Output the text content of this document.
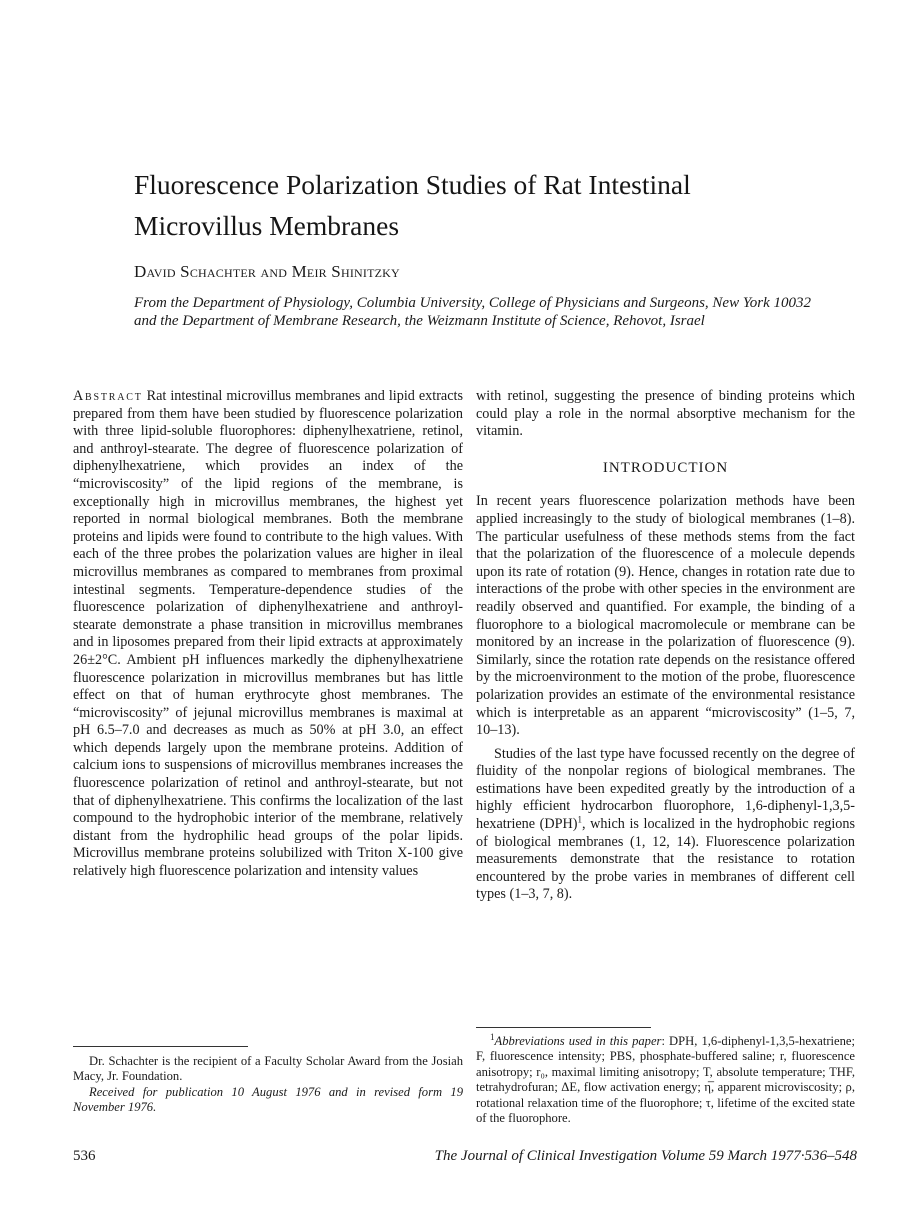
Fluorescence Polarization Studies of Rat Intestinal
Microvillus Membranes

David Schachter and Meir Shinitzky

From the Department of Physiology, Columbia University, College of Physicians and Surgeons, New York 10032 and the Department of Membrane Research, the Weizmann Institute of Science, Rehovot, Israel

Abstract Rat intestinal microvillus membranes and lipid extracts prepared from them have been studied by fluorescence polarization with three lipid-soluble fluorophores: diphenylhexatriene, retinol, and anthroyl-stearate. The degree of fluorescence polarization of diphenylhexatriene, which provides an index of the “microviscosity” of the lipid regions of the membrane, is exceptionally high in microvillus membranes, the highest yet reported in normal biological membranes. Both the membrane proteins and lipids were found to contribute to the high values. With each of the three probes the polarization values are higher in ileal microvillus membranes as compared to membranes from proximal intestinal segments. Temperature-dependence studies of the fluorescence polarization of diphenylhexatriene and anthroyl-stearate demonstrate a phase transition in microvillus membranes and in liposomes prepared from their lipid extracts at approximately 26±2°C. Ambient pH influences markedly the diphenylhexatriene fluorescence polarization in microvillus membranes but has little effect on that of human erythrocyte ghost membranes. The “microviscosity” of jejunal microvillus membranes is maximal at pH 6.5–7.0 and decreases as much as 50% at pH 3.0, an effect which depends largely upon the membrane proteins. Addition of calcium ions to suspensions of microvillus membranes increases the fluorescence polarization of retinol and anthroyl-stearate, but not that of diphenylhexatriene. This confirms the localization of the last compound to the hydrophobic interior of the membrane, relatively distant from the hydrophilic head groups of the polar lipids. Microvillus membrane proteins solubilized with Triton X-100 give relatively high fluorescence polarization and intensity values

with retinol, suggesting the presence of binding proteins which could play a role in the normal absorptive mechanism for the vitamin.

INTRODUCTION

In recent years fluorescence polarization methods have been applied increasingly to the study of biological membranes (1–8). The particular usefulness of these methods stems from the fact that the polarization of the fluorescence of a molecule depends upon its rate of rotation (9). Hence, changes in rotation rate due to interactions of the probe with other species in the environment are readily observed and quantified. For example, the binding of a fluorophore to a biological macromolecule or membrane can be monitored by an increase in the polarization of fluorescence (9). Similarly, since the rotation rate depends on the resistance offered by the microenvironment to the motion of the probe, fluorescence polarization provides an estimate of the environmental resistance which is interpretable as an apparent “microviscosity” (1–5, 7, 10–13).

Studies of the last type have focussed recently on the degree of fluidity of the nonpolar regions of biological membranes. The estimations have been expedited greatly by the introduction of a highly efficient hydrocarbon fluorophore, 1,6-diphenyl-1,3,5-hexatriene (DPH)$^1$, which is localized in the hydrophobic regions of biological membranes (1, 12, 14). Fluorescence polarization measurements demonstrate that the resistance to rotation encountered by the probe varies in membranes of different cell types (1–3, 7, 8).

Dr. Schachter is the recipient of a Faculty Scholar Award from the Josiah Macy, Jr. Foundation.

Received for publication 10 August 1976 and in revised form 19 November 1976.

$^1$Abbreviations used in this paper: DPH, 1,6-diphenyl-1,3,5-hexatriene; F, fluorescence intensity; PBS, phosphate-buffered saline; r, fluorescence anisotropy; r₀, maximal limiting anisotropy; T, absolute temperature; THF, tetrahydrofuran; ΔE, flow activation energy; η̅, apparent microviscosity; ρ, rotational relaxation time of the fluorophore; τ, lifetime of the excited state of the fluorophore.

536	The Journal of Clinical Investigation Volume 59 March 1977·536–548
